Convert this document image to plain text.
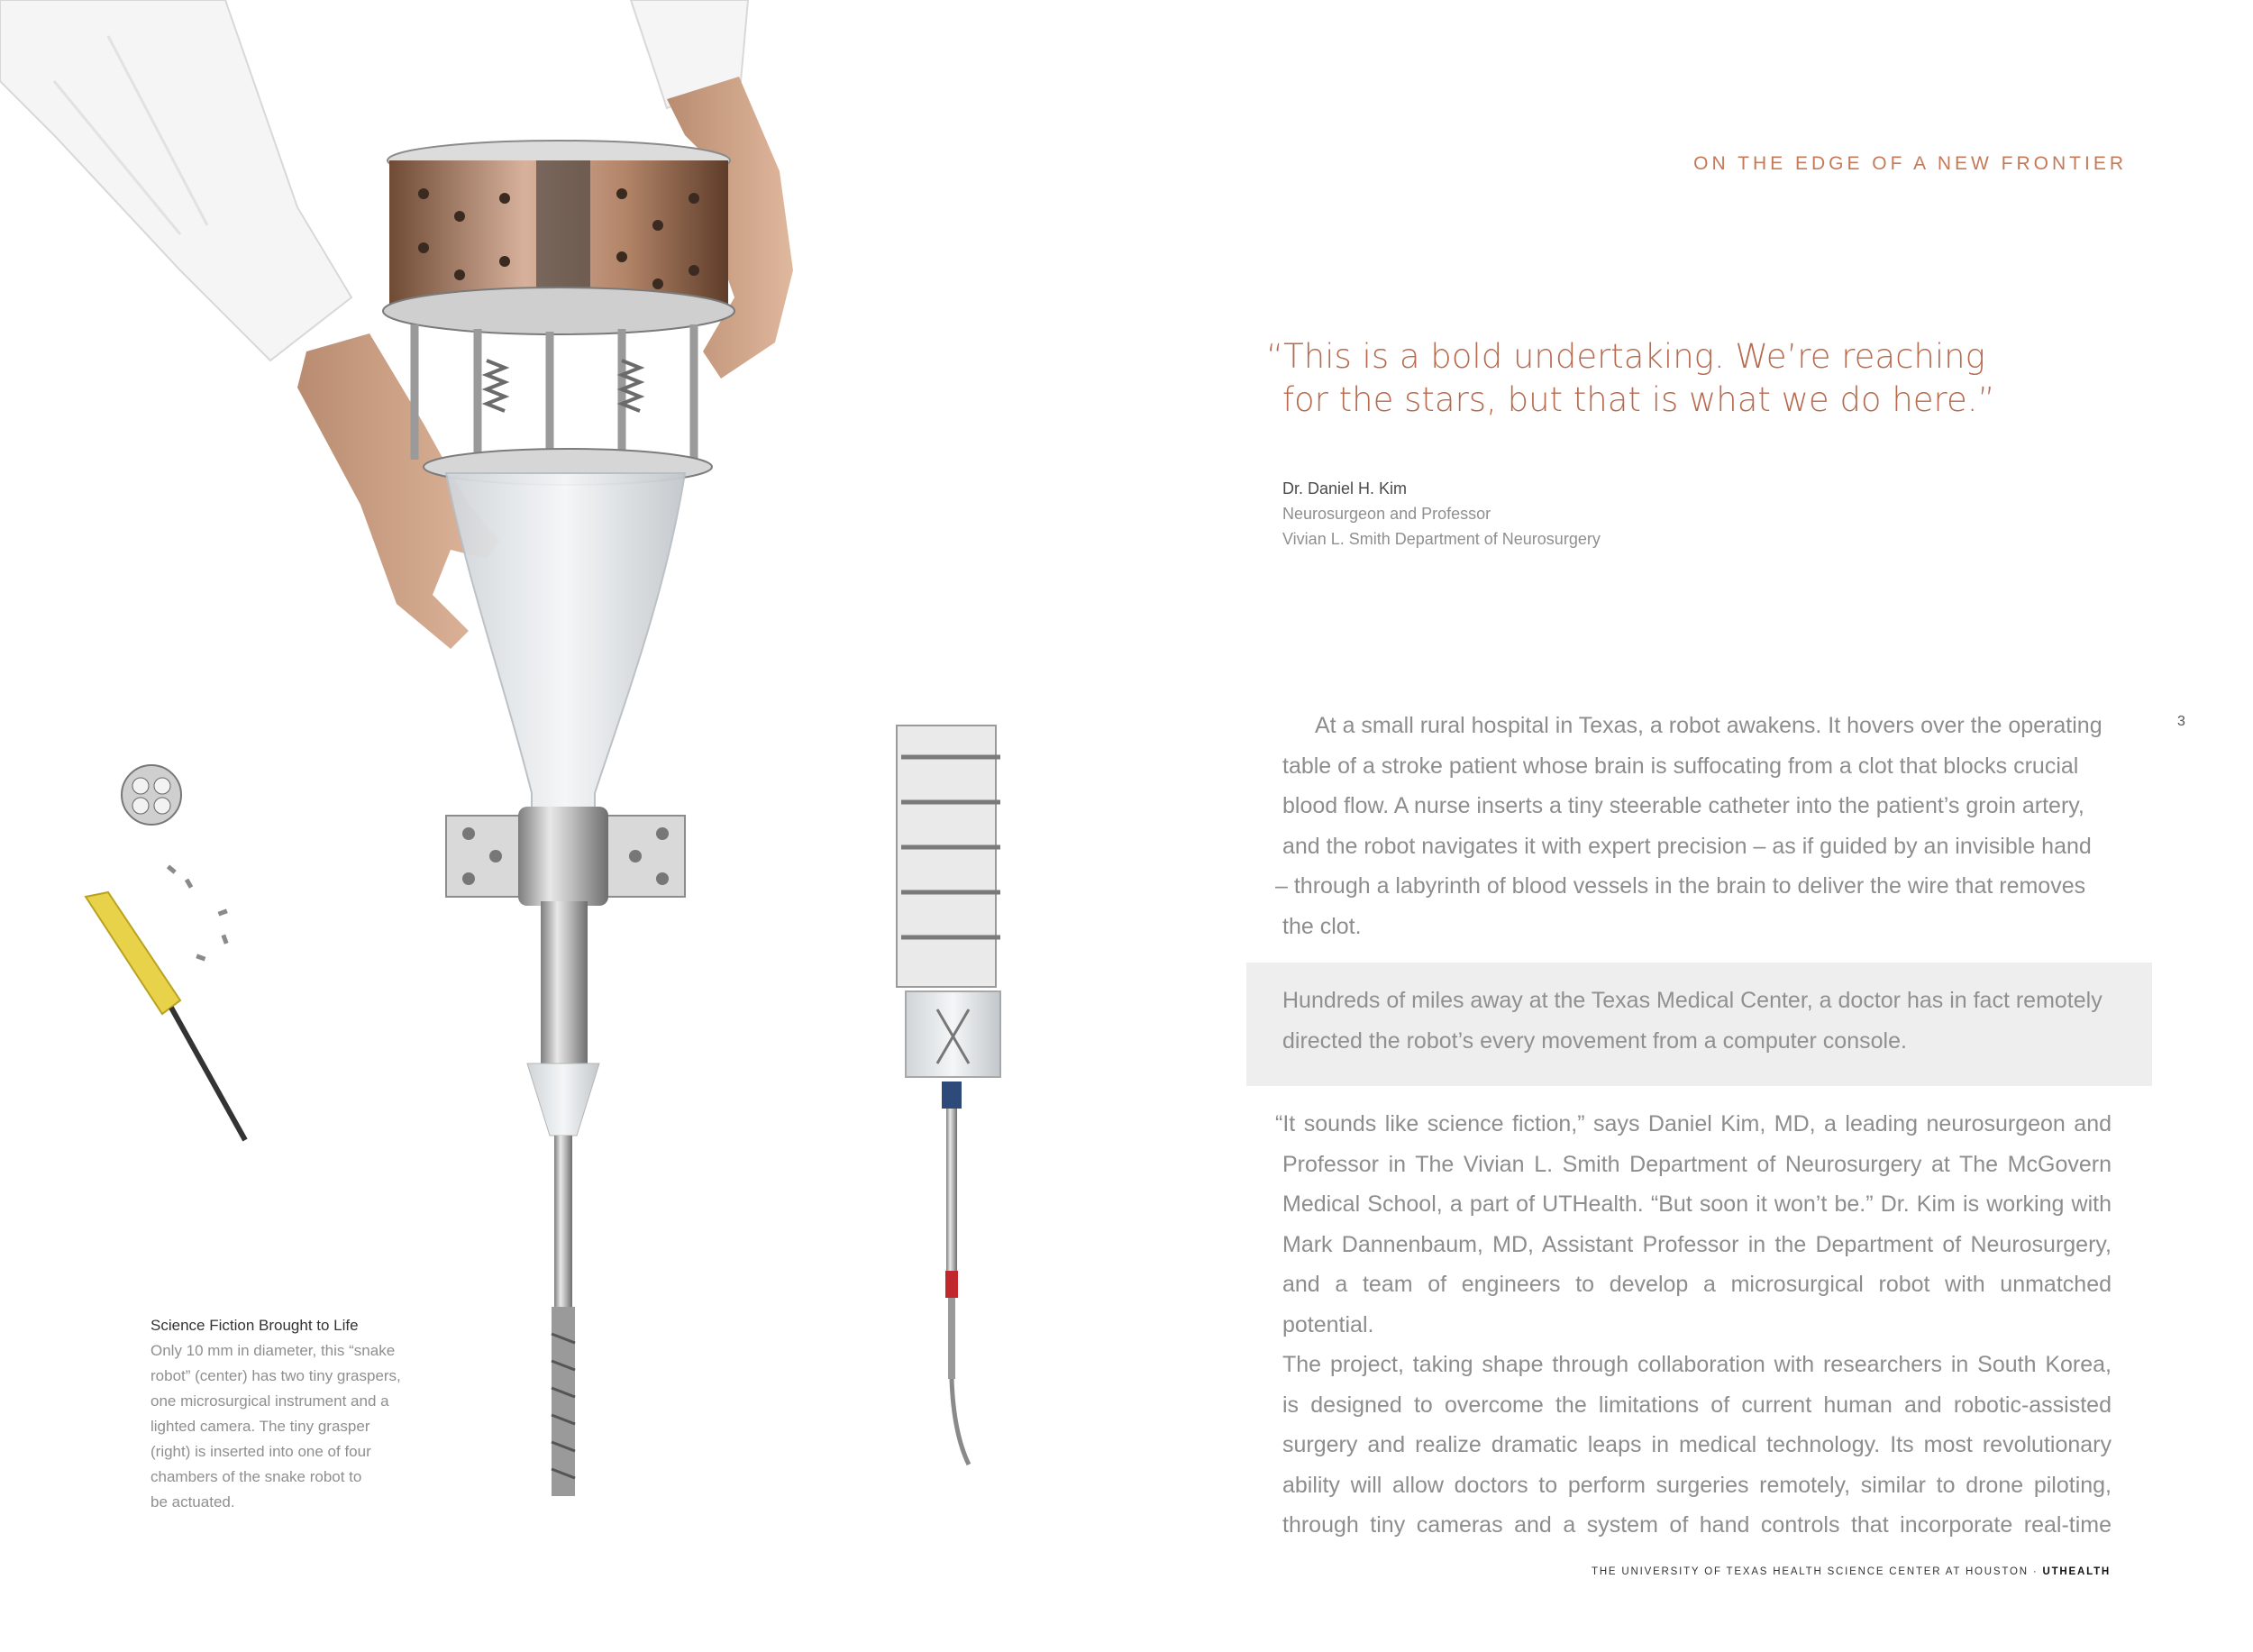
ON THE EDGE OF A NEW FRONTIER
“This is a bold undertaking. We’re reaching
for the stars, but that is what we do here.”
Dr. Daniel H. Kim
Neurosurgeon and Professor
Vivian L. Smith Department of Neurosurgery
3
At a small rural hospital in Texas, a robot awakens. It hovers over the operating
table of a stroke patient whose brain is suffocating from a clot that blocks crucial
blood flow. A nurse inserts a tiny steerable catheter into the patient’s groin artery,
and the robot navigates it with expert precision – as if guided by an invisible hand
– through a labyrinth of blood vessels in the brain to deliver the wire that removes
the clot.
Hundreds of miles away at the Texas Medical Center, a doctor has in fact remotely
directed the robot’s every movement from a computer console.
“It sounds like science fiction,” says Daniel Kim, MD, a leading neurosurgeon and
Professor in The Vivian L. Smith Department of Neurosurgery at The McGovern
Medical School, a part of UTHealth. “But soon it won’t be.” Dr. Kim is working with
Mark Dannenbaum, MD, Assistant Professor in the Department of Neurosurgery,
and a team of engineers to develop a microsurgical robot with unmatched potential.
The project, taking shape through collaboration with researchers in South Korea,
is designed to overcome the limitations of current human and robotic-assisted
surgery and realize dramatic leaps in medical technology. Its most revolutionary
ability will allow doctors to perform surgeries remotely, similar to drone piloting,
through tiny cameras and a system of hand controls that incorporate real-time
Science Fiction Brought to Life
Only 10 mm in diameter, this “snake
robot” (center) has two tiny graspers,
one microsurgical instrument and a
lighted camera. The tiny grasper
(right) is inserted into one of four
chambers of the snake robot to
be actuated.
THE UNIVERSITY OF TEXAS HEALTH SCIENCE CENTER AT HOUSTON · UTHEALTH
